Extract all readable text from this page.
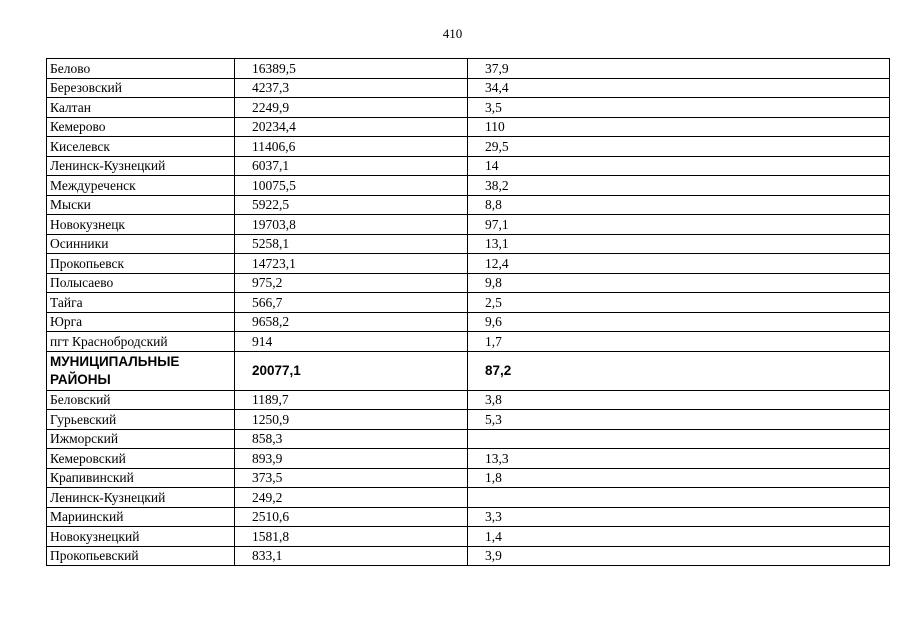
410
Белово	16389,5	37,9
Березовский	4237,3	34,4
Калтан	2249,9	3,5
Кемерово	20234,4	110
Киселевск	11406,6	29,5
Ленинск-Кузнецкий	6037,1	14
Междуреченск	10075,5	38,2
Мыски	5922,5	8,8
Новокузнецк	19703,8	97,1
Осинники	5258,1	13,1
Прокопьевск	14723,1	12,4
Полысаево	975,2	9,8
Тайга	566,7	2,5
Юрга	9658,2	9,6
пгт Краснобродский	914	1,7
МУНИЦИПАЛЬНЫЕ РАЙОНЫ	20077,1	87,2
Беловский	1189,7	3,8
Гурьевский	1250,9	5,3
Ижморский	858,3	
Кемеровский	893,9	13,3
Крапивинский	373,5	1,8
Ленинск-Кузнецкий	249,2	
Мариинский	2510,6	3,3
Новокузнецкий	1581,8	1,4
Прокопьевский	833,1	3,9
